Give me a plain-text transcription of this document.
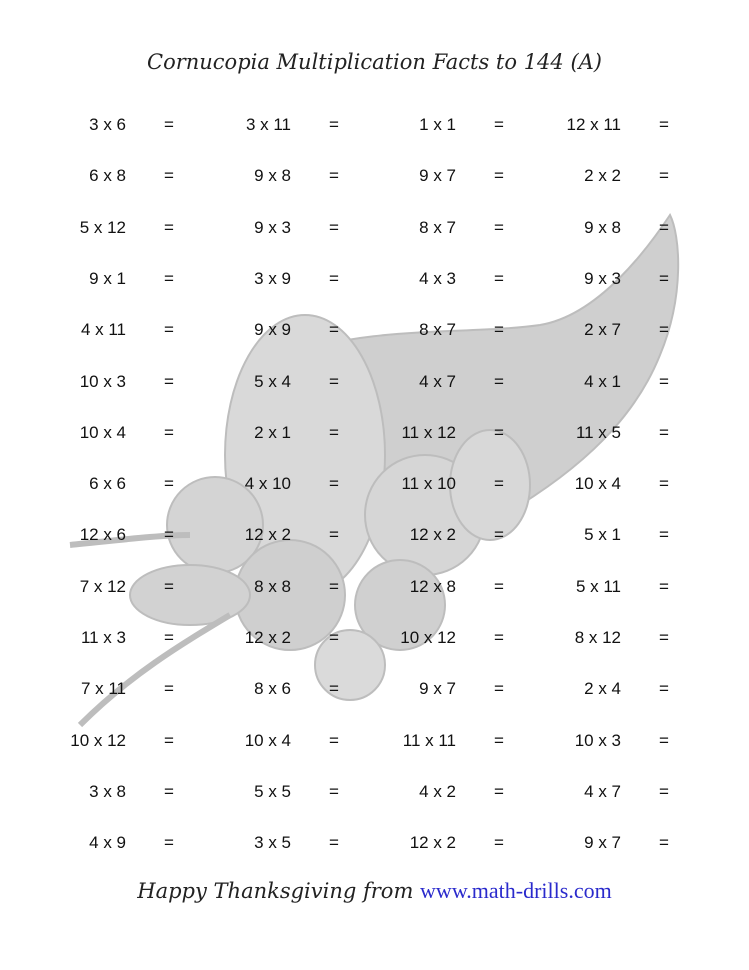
Cornucopia Multiplication Facts to 144 (A)
3 x 6 =	3 x 11 =	1 x 1 =	12 x 11 =
6 x 8 =	9 x 8 =	9 x 7 =	2 x 2 =
5 x 12 =	9 x 3 =	8 x 7 =	9 x 8 =
9 x 1 =	3 x 9 =	4 x 3 =	9 x 3 =
4 x 11 =	9 x 9 =	8 x 7 =	2 x 7 =
10 x 3 =	5 x 4 =	4 x 7 =	4 x 1 =
10 x 4 =	2 x 1 =	11 x 12 =	11 x 5 =
6 x 6 =	4 x 10 =	11 x 10 =	10 x 4 =
12 x 6 =	12 x 2 =	12 x 2 =	5 x 1 =
7 x 12 =	8 x 8 =	12 x 8 =	5 x 11 =
11 x 3 =	12 x 2 =	10 x 12 =	8 x 12 =
7 x 11 =	8 x 6 =	9 x 7 =	2 x 4 =
10 x 12 =	10 x 4 =	11 x 11 =	10 x 3 =
3 x 8 =	5 x 5 =	4 x 2 =	4 x 7 =
4 x 9 =	3 x 5 =	12 x 2 =	9 x 7 =
Happy Thanksgiving from www.math-drills.com
